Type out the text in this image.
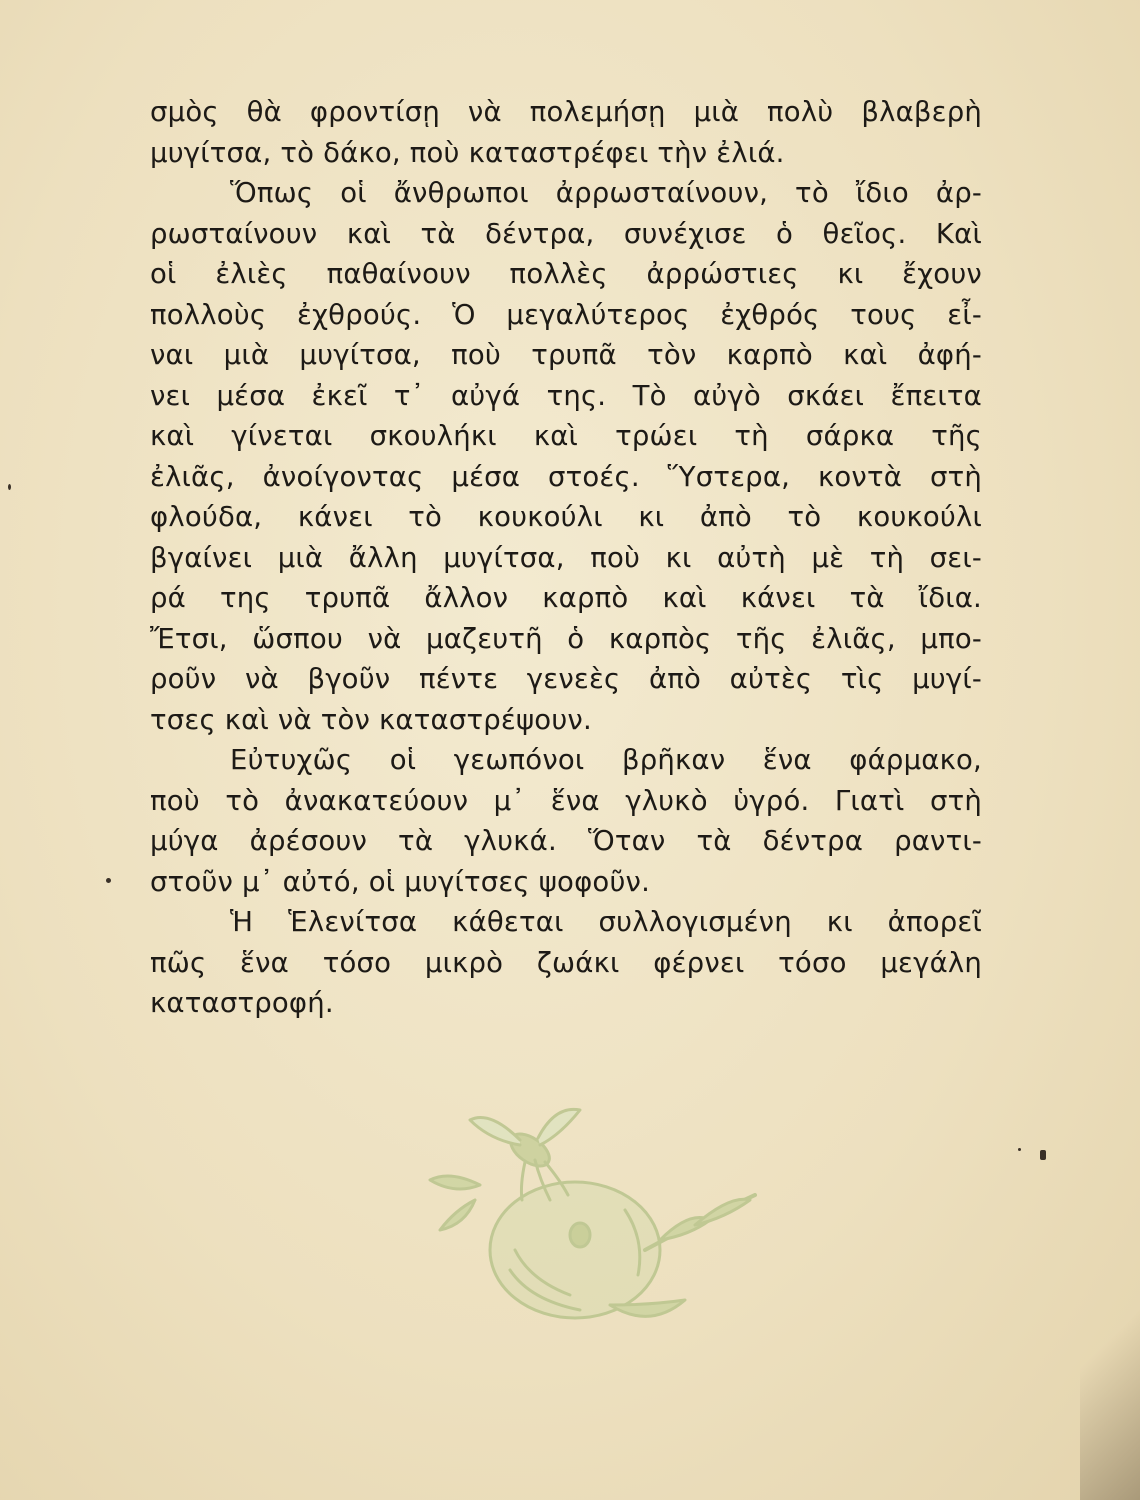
σμὸς θὰ φροντίσῃ νὰ πολεμήσῃ μιὰ πολὺ βλαβερὴ
μυγίτσα, τὸ δάκο, ποὺ καταστρέφει τὴν ἐλιά.
Ὅπως οἱ ἄνθρωποι ἀρρωσταίνουν, τὸ ἴδιο ἀρ-
ρωσταίνουν καὶ τὰ δέντρα, συνέχισε ὁ θεῖος. Καὶ
οἱ ἐλιὲς παθαίνουν πολλὲς ἀρρώστιες κι ἔχουν
πολλοὺς ἐχθρούς. Ὁ μεγαλύτερος ἐχθρός τους εἶ-
ναι μιὰ μυγίτσα, ποὺ τρυπᾶ τὸν καρπὸ καὶ ἀφή-
νει μέσα ἐκεῖ τ᾿ αὐγά της. Τὸ αὐγὸ σκάει ἔπειτα
καὶ γίνεται σκουλήκι καὶ τρώει τὴ σάρκα τῆς
ἐλιᾶς, ἀνοίγοντας μέσα στοές. Ὕστερα, κοντὰ στὴ
φλούδα, κάνει τὸ κουκούλι κι ἀπὸ τὸ κουκούλι
βγαίνει μιὰ ἄλλη μυγίτσα, ποὺ κι αὐτὴ μὲ τὴ σει-
ρά της τρυπᾶ ἄλλον καρπὸ καὶ κάνει τὰ ἴδια.
Ἔτσι, ὥσπου νὰ μαζευτῆ ὁ καρπὸς τῆς ἐλιᾶς, μπο-
ροῦν νὰ βγοῦν πέντε γενεὲς ἀπὸ αὐτὲς τὶς μυγί-
τσες καὶ νὰ τὸν καταστρέψουν.
Εὐτυχῶς οἱ γεωπόνοι βρῆκαν ἕνα φάρμακο,
ποὺ τὸ ἀνακατεύουν μ᾿ ἕνα γλυκὸ ὑγρό. Γιατὶ στὴ
μύγα ἀρέσουν τὰ γλυκά. Ὅταν τὰ δέντρα ραντι-
στοῦν μ᾿ αὐτό, οἱ μυγίτσες ψοφοῦν.
Ἡ Ἑλενίτσα κάθεται συλλογισμένη κι ἀπορεῖ
πῶς ἕνα τόσο μικρὸ ζωάκι φέρνει τόσο μεγάλη
καταστροφή.
